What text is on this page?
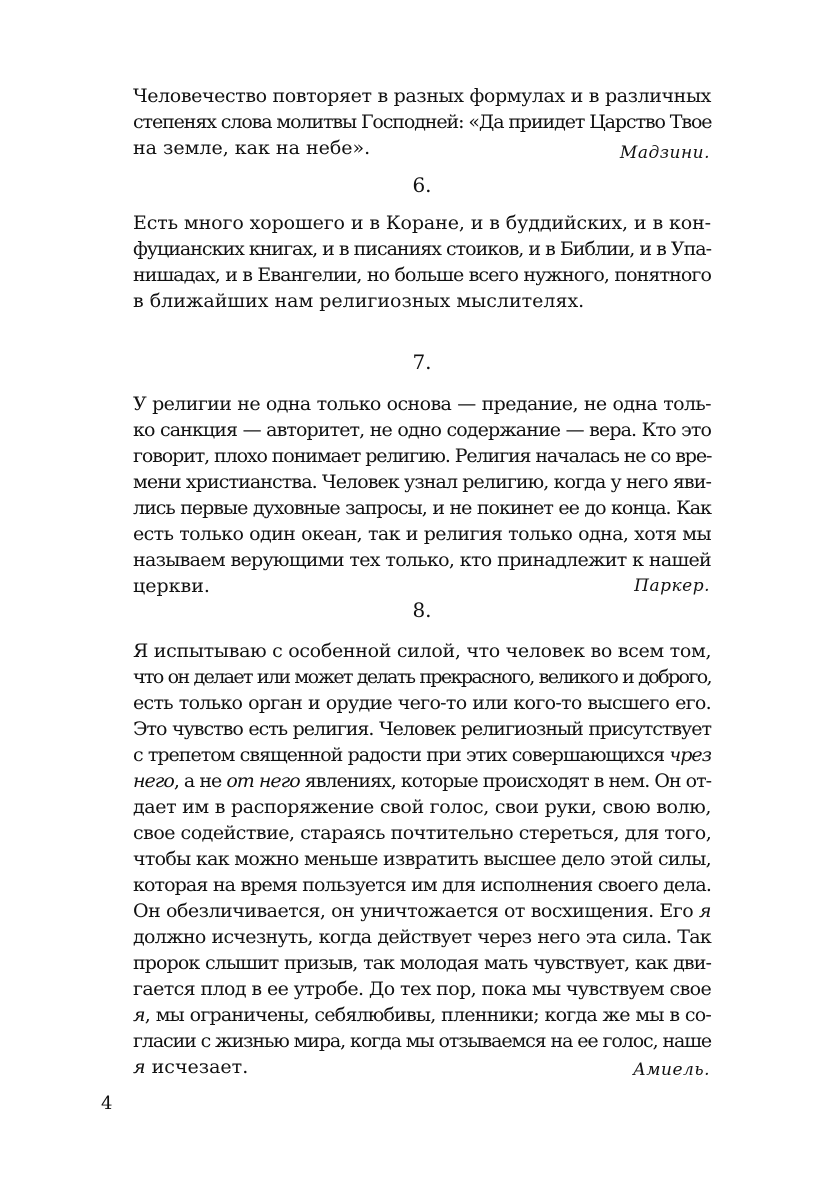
Человечество повторяет в разных формулах и в различных
степенях слова молитвы Господней: «Да приидет Царство Твое
на земле, как на небе».	Мадзини.

6.

Есть много хорошего и в Коране, и в буддийских, и в кон-
фуцианских книгах, и в писаниях стоиков, и в Библии, и в Упа-
нишадах, и в Евангелии, но больше всего нужного, понятного
в ближайших нам религиозных мыслителях.

7.

У религии не одна только основа — предание, не одна толь-
ко санкция — авторитет, не одно содержание — вера. Кто это
говорит, плохо понимает религию. Религия началась не со вре-
мени христианства. Человек узнал религию, когда у него яви-
лись первые духовные запросы, и не покинет ее до конца. Как
есть только один океан, так и религия только одна, хотя мы
называем верующими тех только, кто принадлежит к нашей
церкви.	Паркер.

8.

Я испытываю с особенной силой, что человек во всем том,
что он делает или может делать прекрасного, великого и доброго,
есть только орган и орудие чего-то или кого-то высшего его.
Это чувство есть религия. Человек религиозный присутствует
с трепетом священной радости при этих совершающихся чрез
него, а не от него явлениях, которые происходят в нем. Он от-
дает им в распоряжение свой голос, свои руки, свою волю,
свое содействие, стараясь почтительно стереться, для того,
чтобы как можно меньше извратить высшее дело этой силы,
которая на время пользуется им для исполнения своего дела.
Он обезличивается, он уничтожается от восхищения. Его я
должно исчезнуть, когда действует через него эта сила. Так
пророк слышит призыв, так молодая мать чувствует, как дви-
гается плод в ее утробе. До тех пор, пока мы чувствуем свое
я, мы ограничены, себялюбивы, пленники; когда же мы в со-
гласии с жизнью мира, когда мы отзываемся на ее голос, наше
я исчезает.	Амиель.

4
